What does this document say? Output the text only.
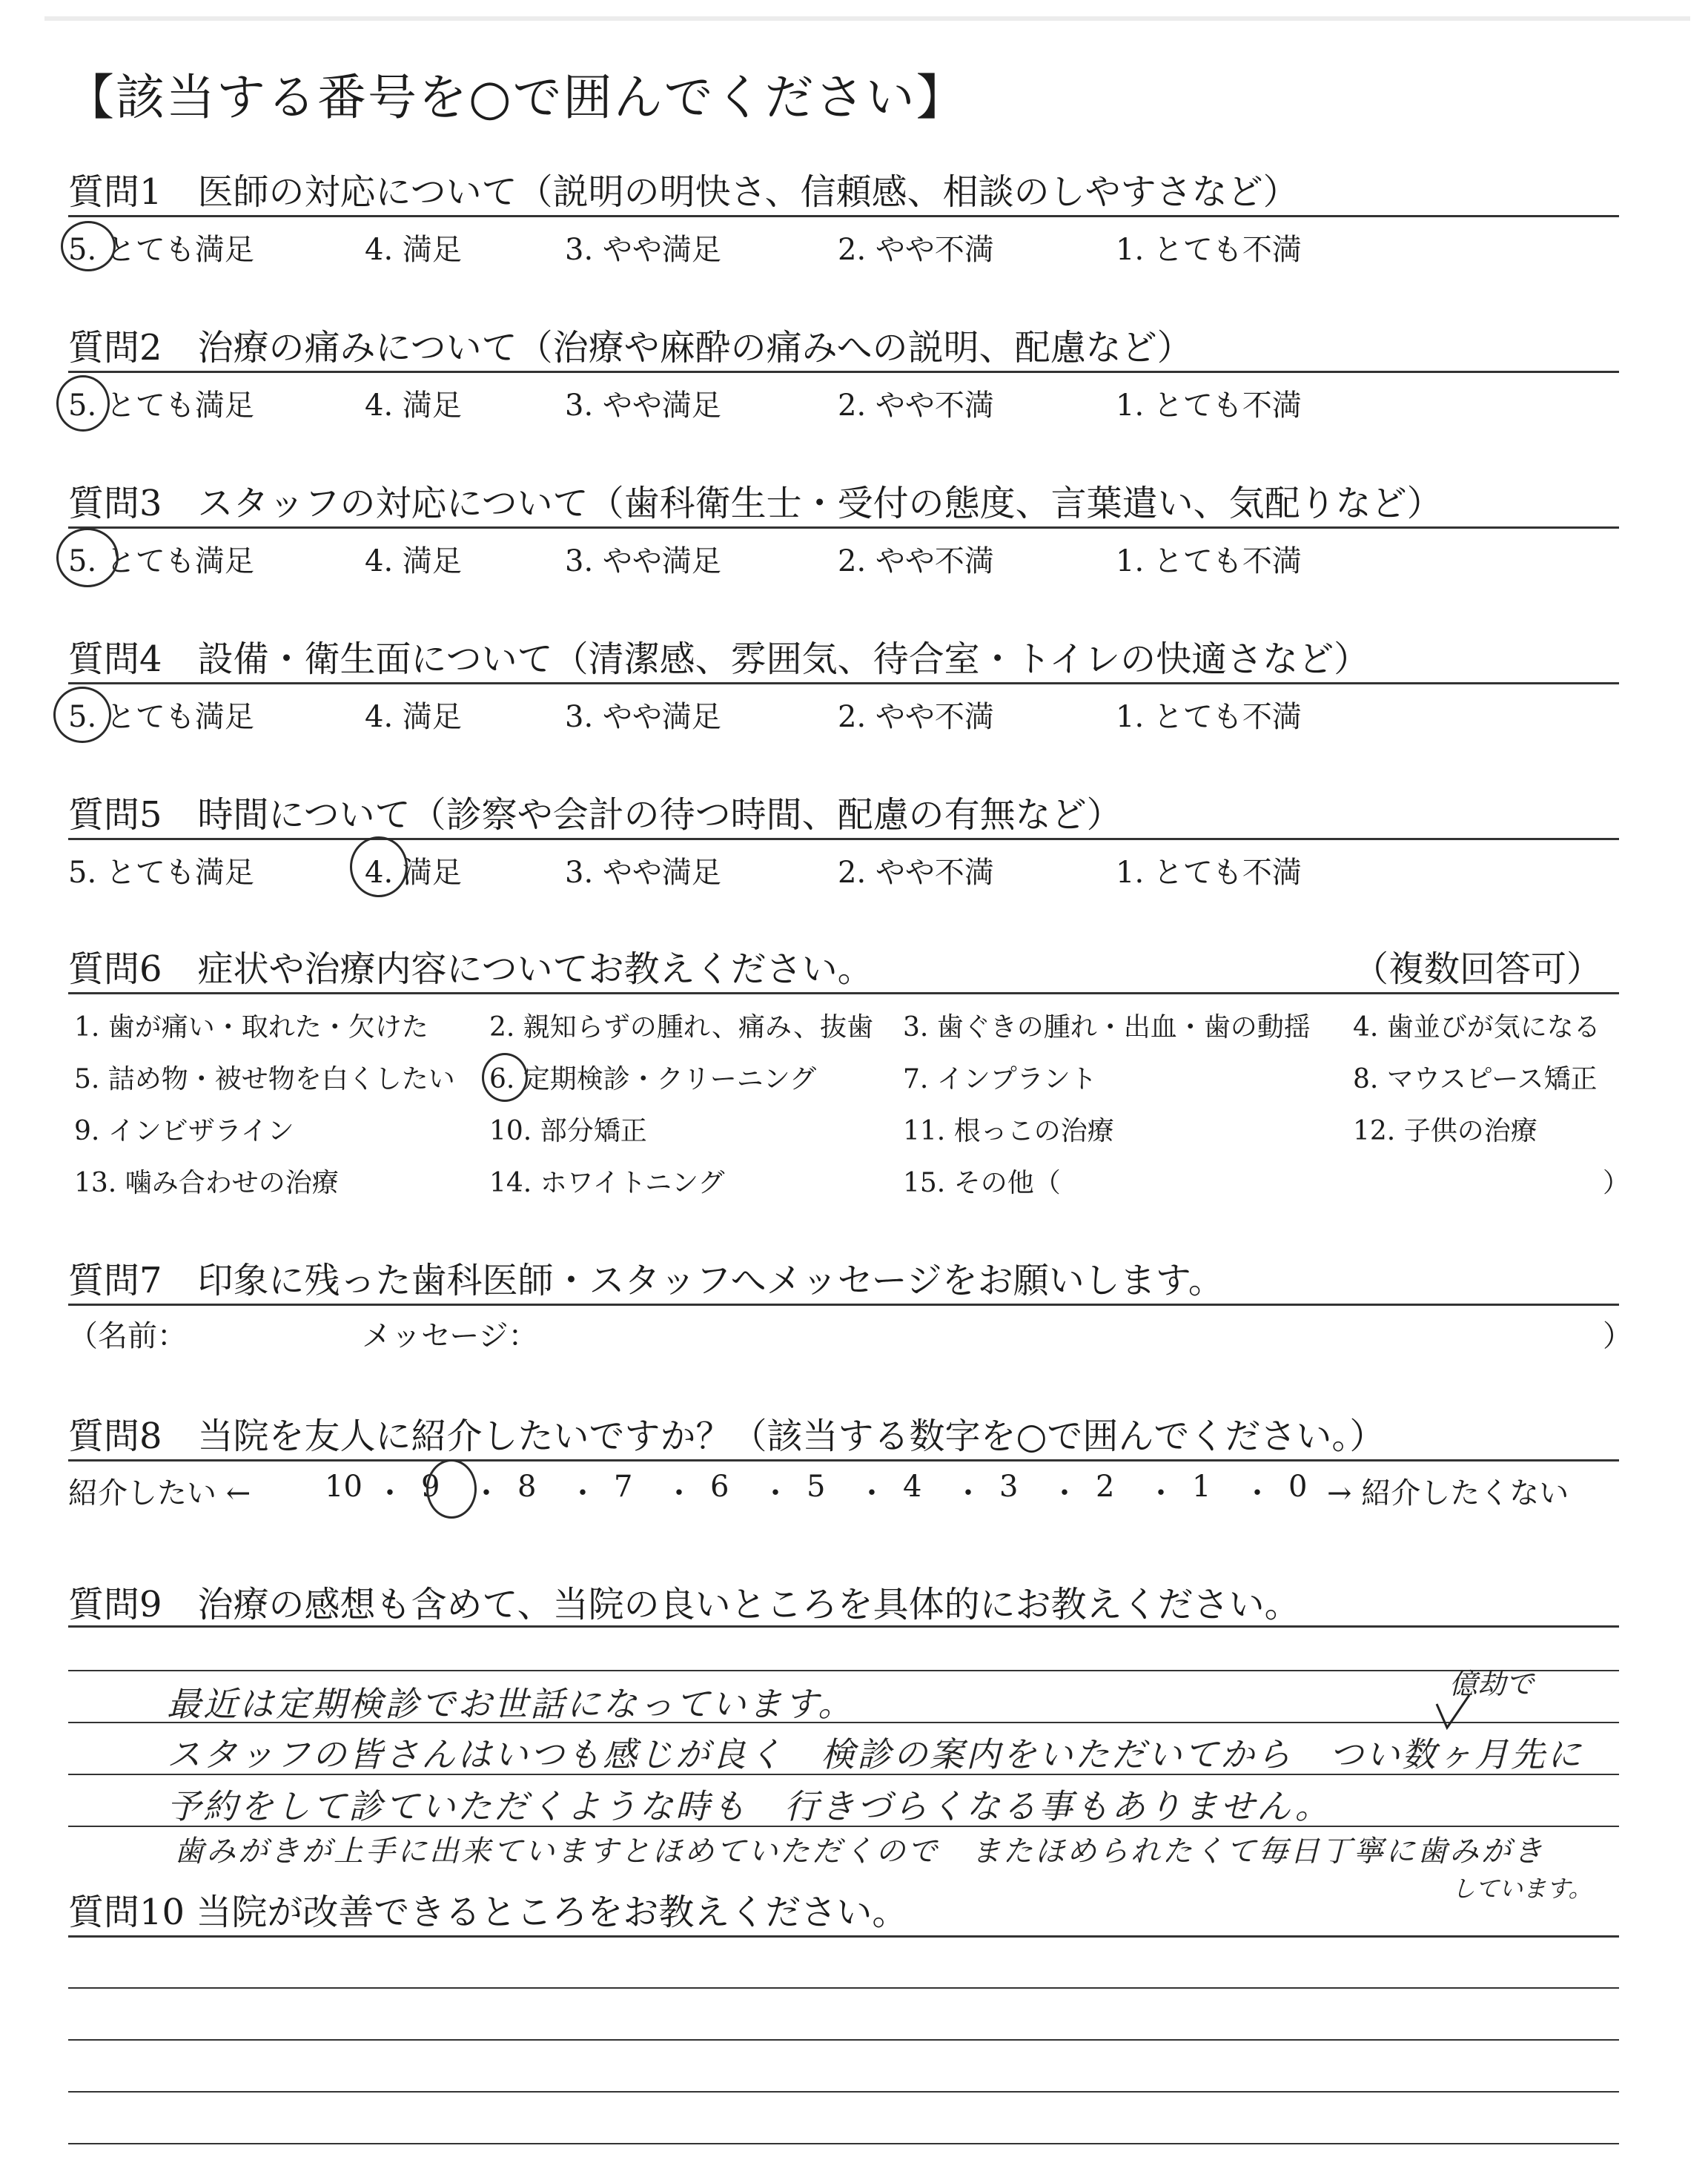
【該当する番号を○で囲んでください】
質問1　医師の対応について（説明の明快さ、信頼感、相談のしやすさなど）
5. とても満足	4. 満足	3. やや満足	2. やや不満	1. とても不満
質問2　治療の痛みについて（治療や麻酔の痛みへの説明、配慮など）
5. とても満足	4. 満足	3. やや満足	2. やや不満	1. とても不満
質問3　スタッフの対応について（歯科衛生士・受付の態度、言葉遣い、気配りなど）
5. とても満足	4. 満足	3. やや満足	2. やや不満	1. とても不満
質問4　設備・衛生面について（清潔感、雰囲気、待合室・トイレの快適さなど）
5. とても満足	4. 満足	3. やや満足	2. やや不満	1. とても不満
質問5　時間について（診察や会計の待つ時間、配慮の有無など）
5. とても満足	4. 満足	3. やや満足	2. やや不満	1. とても不満
質問6　症状や治療内容についてお教えください。	（複数回答可）
1. 歯が痛い・取れた・欠けた 2. 親知らずの腫れ、痛み、抜歯 3. 歯ぐきの腫れ・出血・歯の動揺 4. 歯並びが気になる
5. 詰め物・被せ物を白くしたい 6. 定期検診・クリーニング	7. インプラント	8. マウスピース矯正
9. インビザライン	10. 部分矯正	11. 根っこの治療	12. 子供の治療
13. 噛み合わせの治療	14. ホワイトニング	15. その他（	）
質問7　印象に残った歯科医師・スタッフへメッセージをお願いします。
（名前：	メッセージ：	）
質問8　当院を友人に紹介したいですか？（該当する数字を○で囲んでください。）
紹介したい ← 10 ・ 9 ・ 8 ・ 7 ・ 6 ・ 5 ・ 4 ・ 3 ・ 2 ・ 1 ・ 0 → 紹介したくない
質問9　治療の感想も含めて、当院の良いところを具体的にお教えください。
最近は定期検診でお世話になっています。
スタッフの皆さんはいつも感じが良く　検診の案内をいただいてから　つい数ヶ月先に
予約をして診ていただくような時も　行きづらくなる事もありません。
歯みがきが上手に出来ていますとほめていただくので　またほめられたくて毎日丁寧に歯みがき
億劫で
しています。
質問10 当院が改善できるところをお教えください。
